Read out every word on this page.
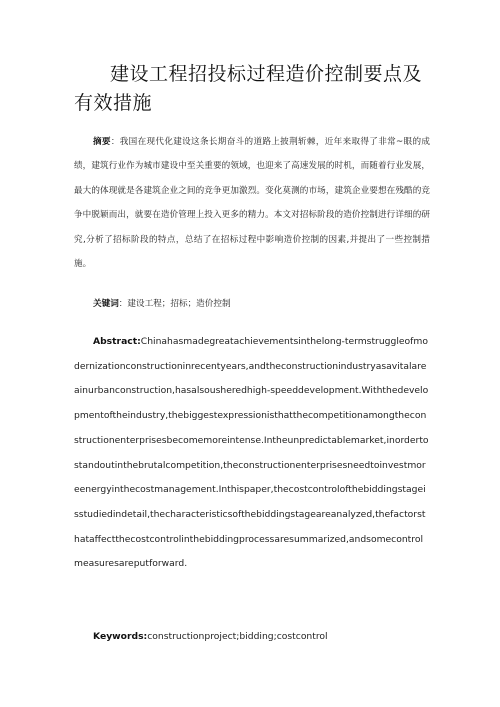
建设工程招投标过程造价控制要点及有效措施
摘要：我国在现代化建设这条长期奋斗的道路上披荆斩棘，近年来取得了非常~眼的成绩，建筑行业作为城市建设中至关重要的领域，也迎来了高速发展的时机，而随着行业发展，最大的体现就是各建筑企业之间的竞争更加激烈。变化莫测的市场，建筑企业要想在残酷的竞争中脱颖而出，就要在造价管理上投入更多的精力。本文对招标阶段的造价控制进行详细的研究,分析了招标阶段的特点，总结了在招标过程中影响造价控制的因素,并提出了一些控制措施。
关键词：建设工程；招标；造价控制
Abstract:Chinahasmadegreatachievementsinthelong-termstruggleofmodernizationconstructioninrecentyears,andtheconstructionindustryasavitalareainurbanconstruction,hasalsousheredhigh-speeddevelopment.Withthedevelopmentoftheindustry,thebiggestexpressionisthatthecompetitionamongtheconstructionenterprisesbecomemoreintense.Intheunpredictablemarket,inordertostandoutinthebrutalcompetition,theconstructionenterprisesneedtoinvestmoreenergyinthecostmanagement.Inthispaper,thecostcontrolofthebiddingstageisstudiedindetail,thecharacteristicsofthebiddingstageareanalyzed,thefactorsthataffectthecostcontrolinthebiddingprocessaresummarized,andsomecontrolmeasuresareputforward.
Keywords:constructionproject;bidding;costcontrol
